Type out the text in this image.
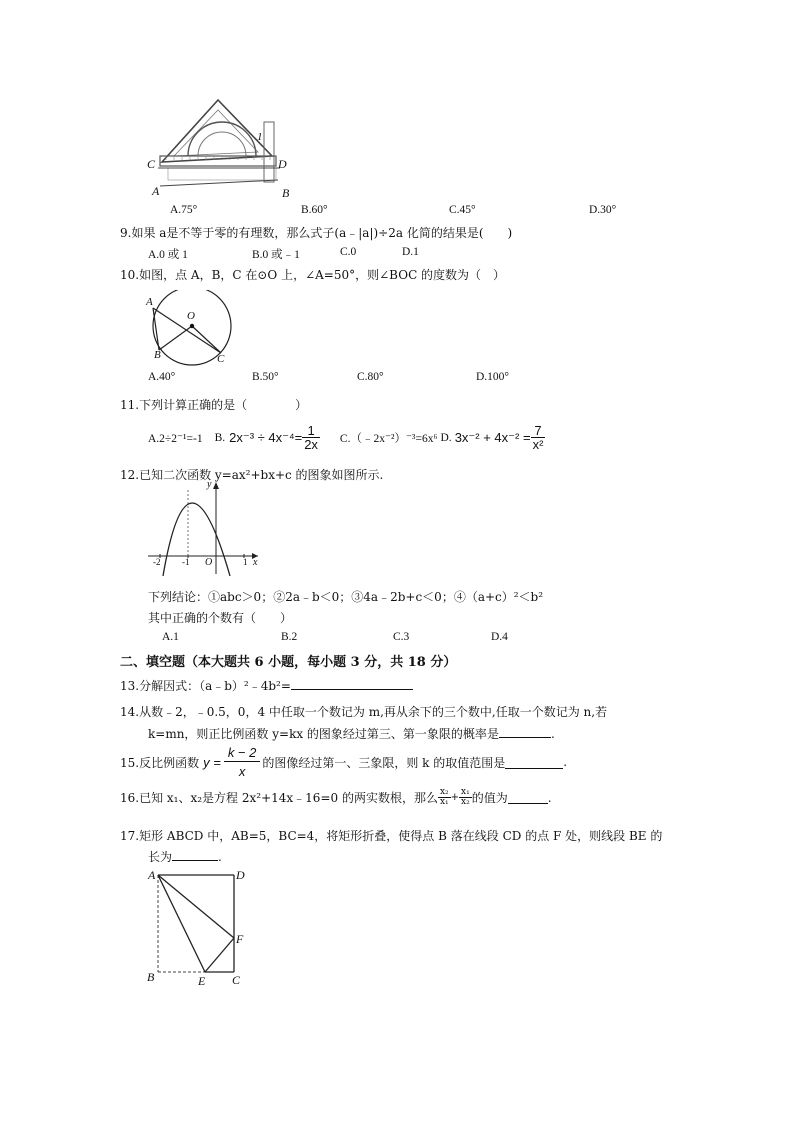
C	D
A	B
1
A.75°	B.60°	C.45°	D.30°
9.如果 a是不等于零的有理数，那么式子(a﹣|a|)÷2a 化简的结果是(　　)
A.0 或 1	B.0 或﹣1	C.0	D.1
10.如图，点 A，B，C 在⊙O 上，∠A=50°，则∠BOC 的度数为（　）
A
O
B	C
A.40°	B.50°	C.80°	D.100°
11.下列计算正确的是（　　　　）
A.2÷2⁻¹=-1 B. $2x^{-3} \div 4x^{-4}= \frac{1}{2x}$ C.（﹣2x⁻²）⁻³=6x⁶ D. $3x^{-2} + 4x^{-2} = \frac{7}{\text{x²}}$
12.已知二次函数 y=ax²+bx+c 的图象如图所示.
y
x
-2 -1 O	1
下列结论：①abc＞0；②2a﹣b＜0；③4a﹣2b+c＜0；④（a+c）²＜b²
其中正确的个数有（　　）
A.1	B.2	C.3	D.4
二、填空题（本大题共 6 小题，每小题 3 分，共 18 分）
13.分解因式：（a﹣b）²﹣4b²=
14.从数﹣2，﹣0.5，0，4 中任取一个数记为 m,再从余下的三个数中,任取一个数记为 n,若
k=mn，则正比例函数 y=kx 的图象经过第三、第一象限的概率是	.
15.反比例函数 $y = \frac{k - 2}{x}$ 的图像经过第一、三象限，则 k 的取值范围是	.
16.已知 x₁、x₂是方程 2x²+14x﹣16=0 的两实数根，那么 $\frac{\text{x₂}}{\text{x₁}} + \frac{\text{x₁}}{\text{x₂}}$ 的值为	.
17.矩形 ABCD 中，AB=5，BC=4，将矩形折叠，使得点 B 落在线段 CD 的点 F 处，则线段 BE 的
长为	.
A	D
F
B	E C
